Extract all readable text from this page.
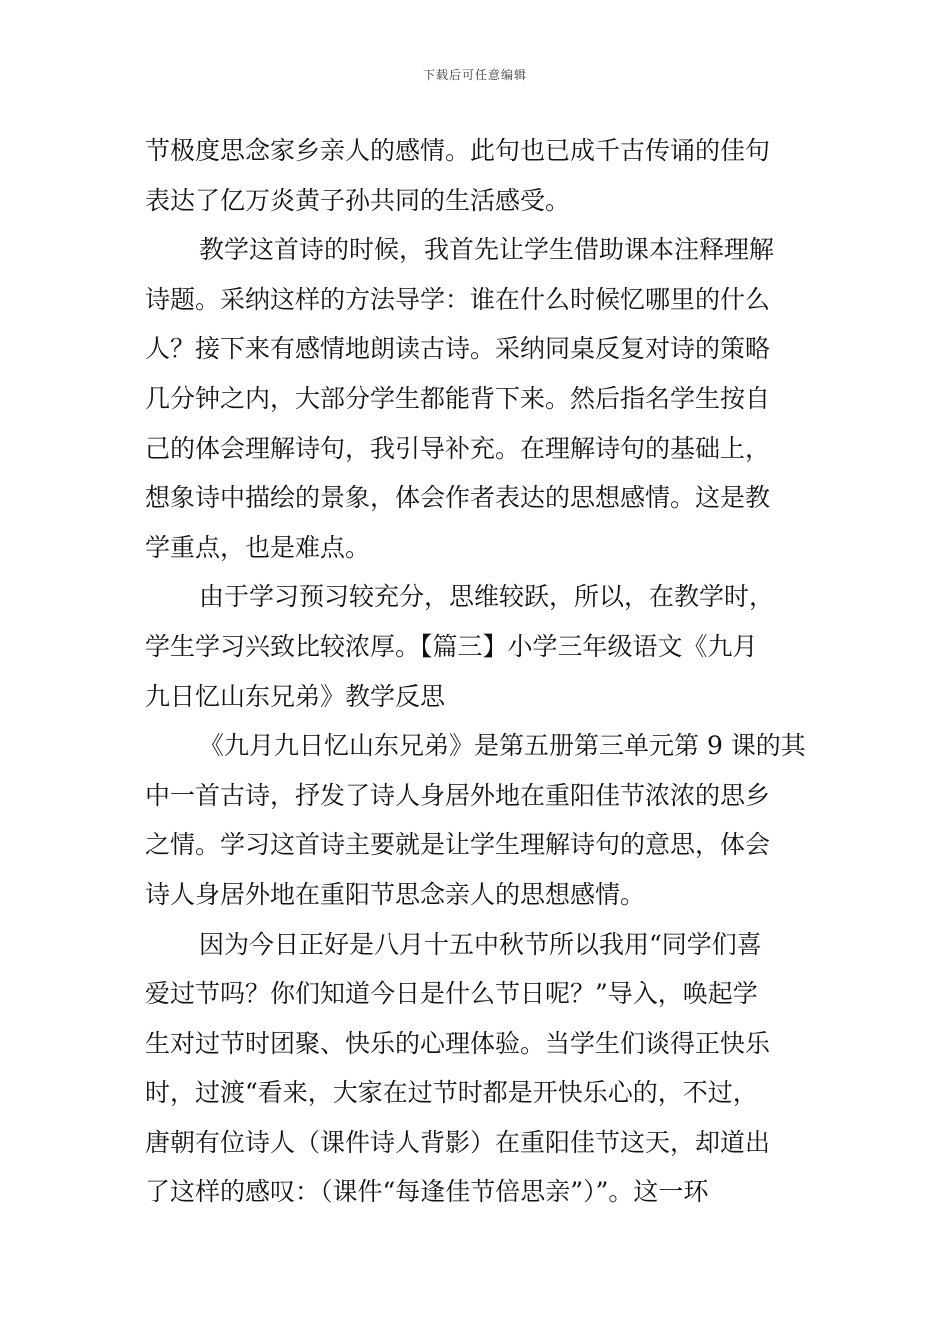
下载后可任意编辑
节极度思念家乡亲人的感情。此句也已成千古传诵的佳句
表达了亿万炎黄子孙共同的生活感受。
教学这首诗的时候，我首先让学生借助课本注释理解
诗题。采纳这样的方法导学：谁在什么时候忆哪里的什么
人？接下来有感情地朗读古诗。采纳同桌反复对诗的策略
几分钟之内，大部分学生都能背下来。然后指名学生按自
己的体会理解诗句，我引导补充。在理解诗句的基础上，
想象诗中描绘的景象，体会作者表达的思想感情。这是教
学重点，也是难点。
由于学习预习较充分，思维较跃，所以，在教学时，
学生学习兴致比较浓厚。【篇三】小学三年级语文《九月
九日忆山东兄弟》教学反思
《九月九日忆山东兄弟》是第五册第三单元第 9 课的其
中一首古诗，抒发了诗人身居外地在重阳佳节浓浓的思乡
之情。学习这首诗主要就是让学生理解诗句的意思，体会
诗人身居外地在重阳节思念亲人的思想感情。
因为今日正好是八月十五中秋节所以我用“同学们喜
爱过节吗？你们知道今日是什么节日呢？”导入，唤起学
生对过节时团聚、快乐的心理体验。当学生们谈得正快乐
时，过渡“看来，大家在过节时都是开快乐心的，不过，
唐朝有位诗人（课件诗人背影）在重阳佳节这天，却道出
了这样的感叹：（课件“每逢佳节倍思亲”）”。这一环
